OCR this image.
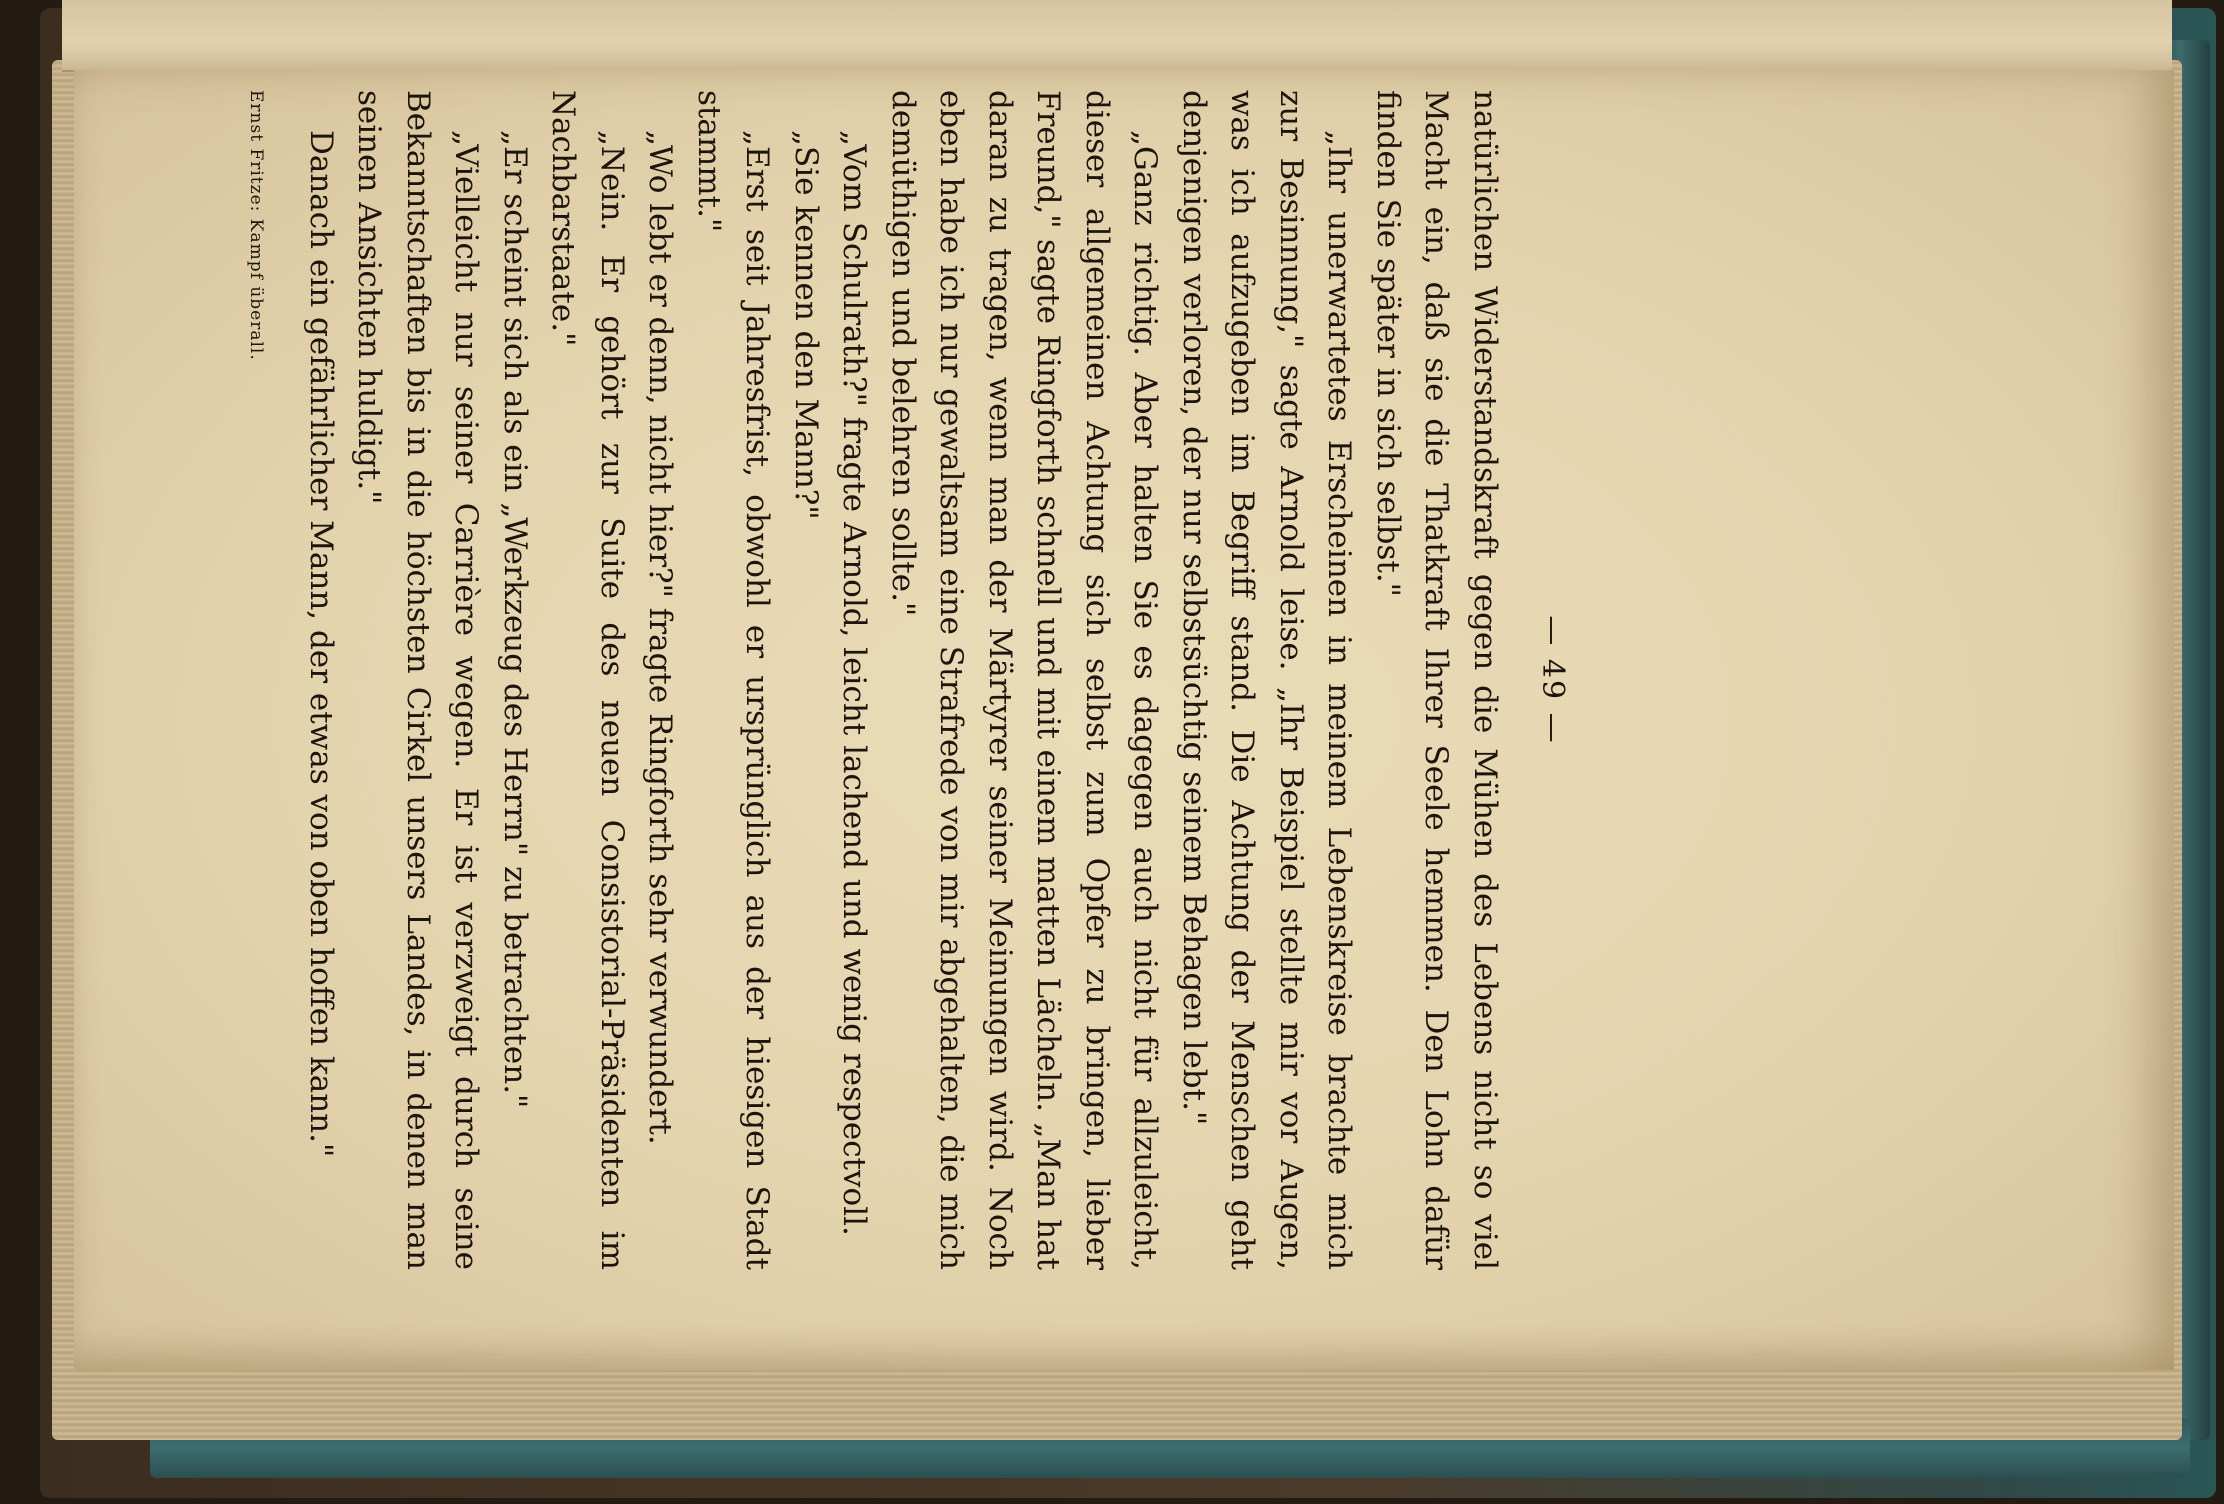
— 49 —

natürlichen Widerstandskraft gegen die Mühen des Lebens nicht so viel Macht ein, daß sie die Thatkraft Ihrer Seele hemmen. Den Lohn dafür finden Sie später in sich selbst."

„Ihr unerwartetes Erscheinen in meinem Lebenskreise brachte mich zur Besinnung," sagte Arnold leise. „Ihr Beispiel stellte mir vor Augen, was ich aufzugeben im Begriff stand. Die Achtung der Menschen geht denjenigen verloren, der nur selbstsüchtig seinem Behagen lebt."

„Ganz richtig. Aber halten Sie es dagegen auch nicht für allzuleicht, dieser allgemeinen Achtung sich selbst zum Opfer zu bringen, lieber Freund," sagte Ringforth schnell und mit einem matten Lächeln. „Man hat daran zu tragen, wenn man der Märtyrer seiner Meinungen wird. Noch eben habe ich nur gewaltsam eine Strafrede von mir abgehalten, die mich demüthigen und belehren sollte."

„Vom Schulrath?" fragte Arnold, leicht lachend und wenig respectvoll.

„Sie kennen den Mann?"

„Erst seit Jahresfrist, obwohl er ursprünglich aus der hiesigen Stadt stammt."

„Wo lebt er denn, nicht hier?" fragte Ringforth sehr verwundert.

„Nein. Er gehört zur Suite des neuen Consistorial-Präsidenten im Nachbarstaate."

„Er scheint sich als ein „Werkzeug des Herrn" zu betrachten."

„Vielleicht nur seiner Carrière wegen. Er ist verzweigt durch seine Bekanntschaften bis in die höchsten Cirkel unsers Landes, in denen man seinen Ansichten huldigt."

Danach ein gefährlicher Mann, der etwas von oben hoffen kann."

Ernst Fritze: Kampf überall.
